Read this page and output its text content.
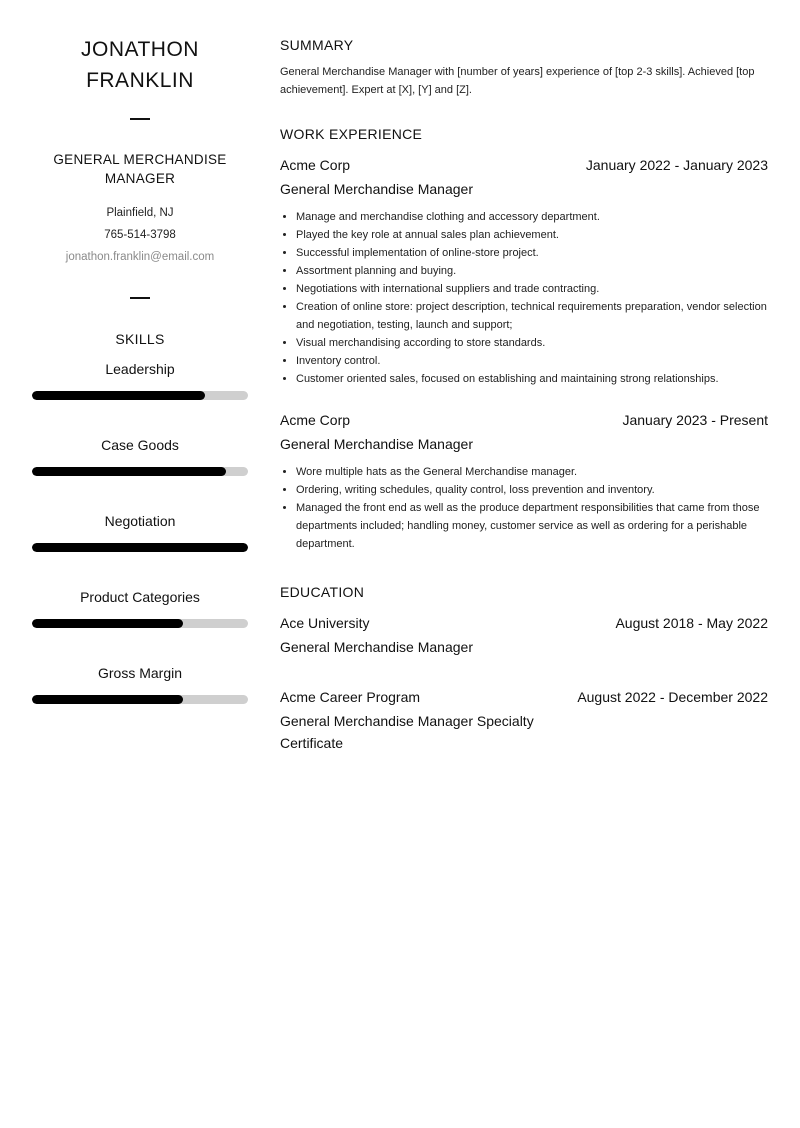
JONATHON
FRANKLIN
GENERAL MERCHANDISE
MANAGER
Plainfield, NJ
765-514-3798
jonathon.franklin@email.com
SKILLS
Leadership
Case Goods
Negotiation
Product Categories
Gross Margin
SUMMARY
General Merchandise Manager with [number of years] experience of [top 2-3 skills]. Achieved [top achievement]. Expert at [X], [Y] and [Z].
WORK EXPERIENCE
Acme Corp	January 2022 - January 2023
General Merchandise Manager
• Manage and merchandise clothing and accessory department.
• Played the key role at annual sales plan achievement.
• Successful implementation of online-store project.
• Assortment planning and buying.
• Negotiations with international suppliers and trade contracting.
• Creation of online store: project description, technical requirements preparation, vendor selection and negotiation, testing, launch and support;
• Visual merchandising according to store standards.
• Inventory control.
• Customer oriented sales, focused on establishing and maintaining strong relationships.
Acme Corp	January 2023 - Present
General Merchandise Manager
• Wore multiple hats as the General Merchandise manager.
• Ordering, writing schedules, quality control, loss prevention and inventory.
• Managed the front end as well as the produce department responsibilities that came from those departments included; handling money, customer service as well as ordering for a perishable department.
EDUCATION
Ace University	August 2018 - May 2022
General Merchandise Manager
Acme Career Program	August 2022 - December 2022
General Merchandise Manager Specialty Certificate
